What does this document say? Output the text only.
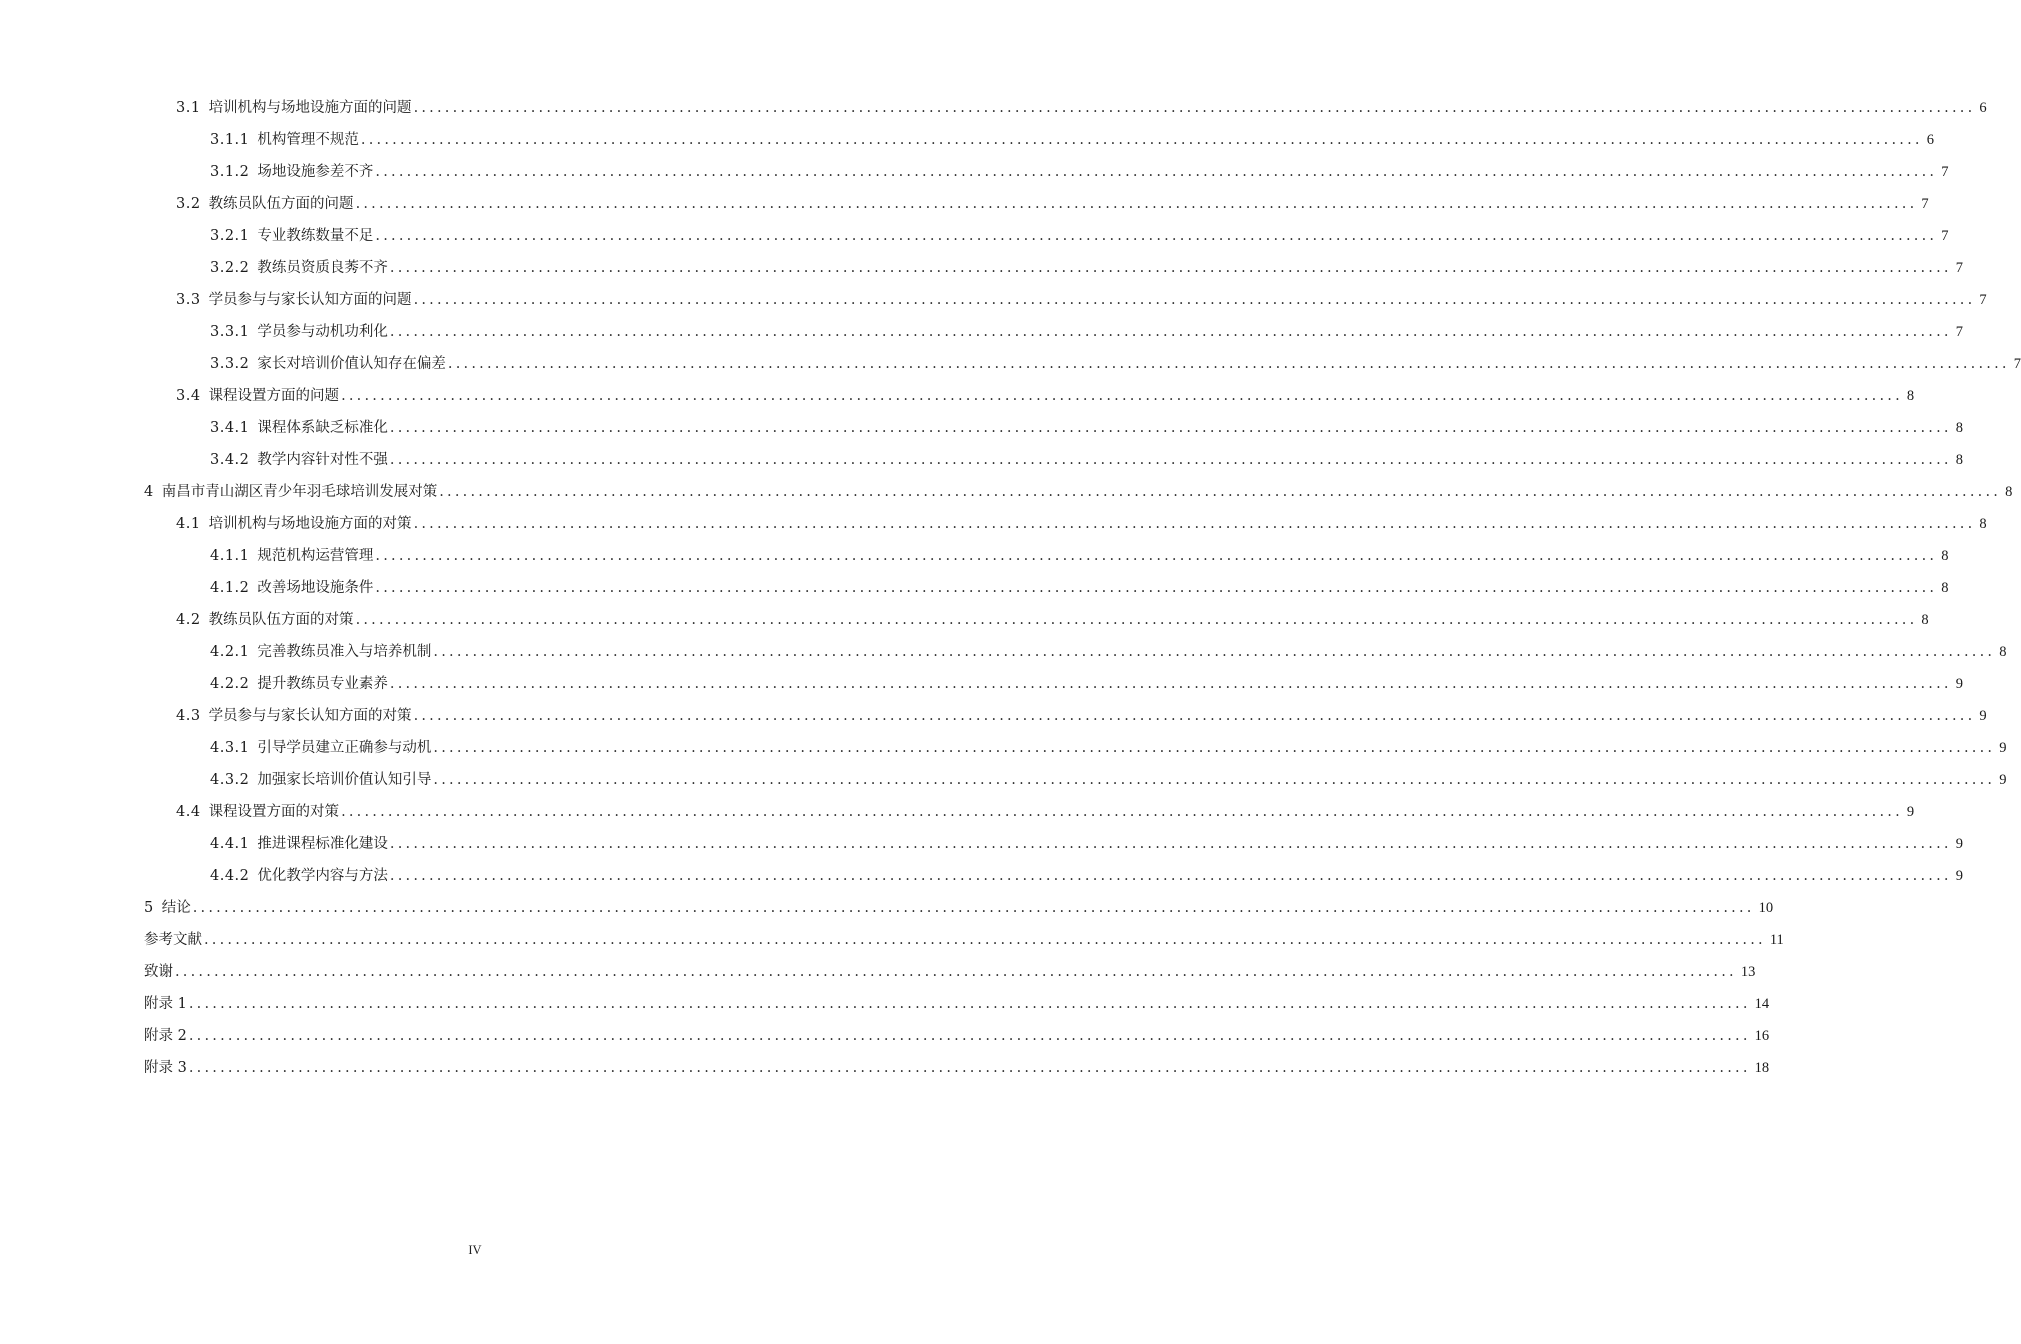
3.1 培训机构与场地设施方面的问题 ........................................................................................................................................................................................................ 6
3.1.1 机构管理不规范 ........................................................................................................................................................................................................ 6
3.1.2 场地设施参差不齐 ........................................................................................................................................................................................................ 7
3.2 教练员队伍方面的问题 ........................................................................................................................................................................................................ 7
3.2.1 专业教练数量不足 ........................................................................................................................................................................................................ 7
3.2.2 教练员资质良莠不齐 ........................................................................................................................................................................................................ 7
3.3 学员参与与家长认知方面的问题 ........................................................................................................................................................................................................ 7
3.3.1 学员参与动机功利化 ........................................................................................................................................................................................................ 7
3.3.2 家长对培训价值认知存在偏差 ........................................................................................................................................................................................................ 7
3.4 课程设置方面的问题 ........................................................................................................................................................................................................ 8
3.4.1 课程体系缺乏标准化 ........................................................................................................................................................................................................ 8
3.4.2 教学内容针对性不强 ........................................................................................................................................................................................................ 8
4 南昌市青山湖区青少年羽毛球培训发展对策 ........................................................................................................................................................................................................ 8
4.1 培训机构与场地设施方面的对策 ........................................................................................................................................................................................................ 8
4.1.1 规范机构运营管理 ........................................................................................................................................................................................................ 8
4.1.2 改善场地设施条件 ........................................................................................................................................................................................................ 8
4.2 教练员队伍方面的对策 ........................................................................................................................................................................................................ 8
4.2.1 完善教练员准入与培养机制 ........................................................................................................................................................................................................ 8
4.2.2 提升教练员专业素养 ........................................................................................................................................................................................................ 9
4.3 学员参与与家长认知方面的对策 ........................................................................................................................................................................................................ 9
4.3.1 引导学员建立正确参与动机 ........................................................................................................................................................................................................ 9
4.3.2 加强家长培训价值认知引导 ........................................................................................................................................................................................................ 9
4.4 课程设置方面的对策 ........................................................................................................................................................................................................ 9
4.4.1 推进课程标准化建设 ........................................................................................................................................................................................................ 9
4.4.2 优化教学内容与方法 ........................................................................................................................................................................................................ 9
5 结论 ........................................................................................................................................................................................................ 10
参考文献 ........................................................................................................................................................................................................ 11
致谢 ........................................................................................................................................................................................................ 13
附录 1 ........................................................................................................................................................................................................ 14
附录 2 ........................................................................................................................................................................................................ 16
附录 3 ........................................................................................................................................................................................................ 18
IV
